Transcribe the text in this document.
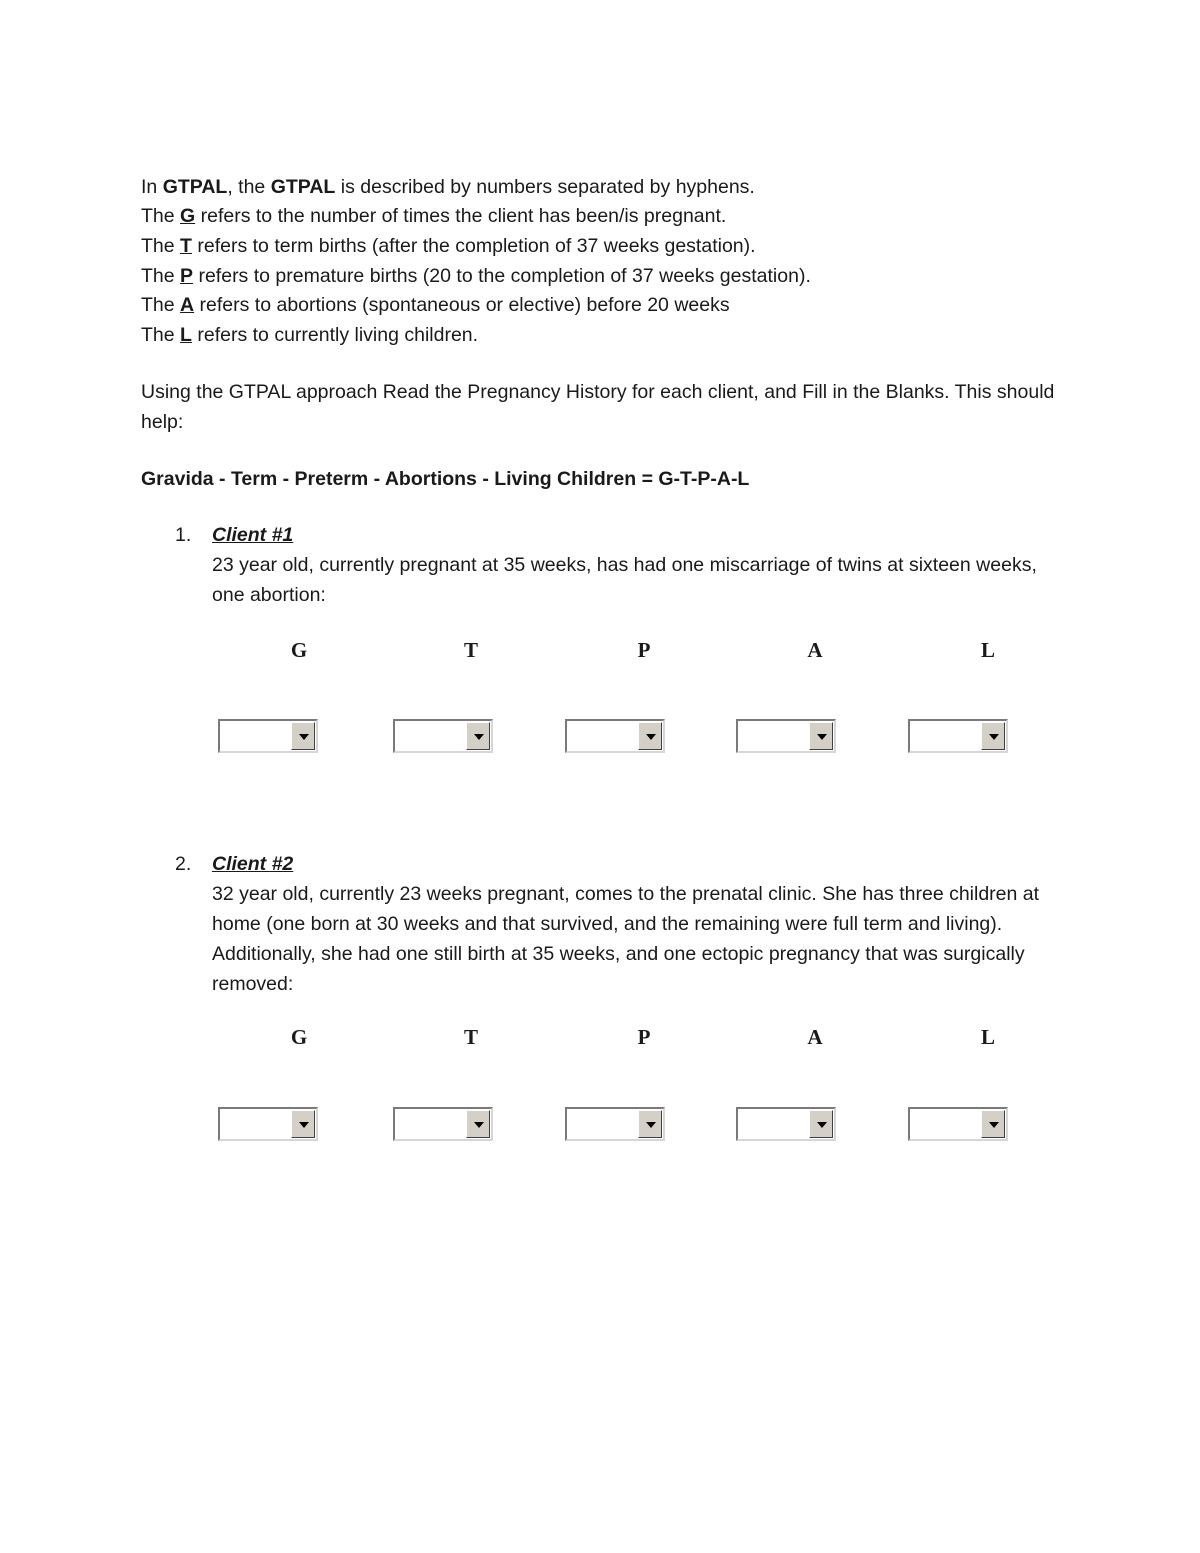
In GTPAL, the GTPAL is described by numbers separated by hyphens.
The G refers to the number of times the client has been/is pregnant.
The T refers to term births (after the completion of 37 weeks gestation).
The P refers to premature births (20 to the completion of 37 weeks gestation).
The A refers to abortions (spontaneous or elective) before 20 weeks
The L refers to currently living children.
Using the GTPAL approach Read the Pregnancy History for each client, and Fill in the Blanks. This should help:
Gravida - Term - Preterm - Abortions - Living Children = G-T-P-A-L
1. Client #1
23 year old, currently pregnant at 35 weeks, has had one miscarriage of twins at sixteen weeks, one abortion:
G	T	P	A	L
2. Client #2
32 year old, currently 23 weeks pregnant, comes to the prenatal clinic. She has three children at home (one born at 30 weeks and that survived, and the remaining were full term and living). Additionally, she had one still birth at 35 weeks, and one ectopic pregnancy that was surgically removed:
G	T	P	A	L
